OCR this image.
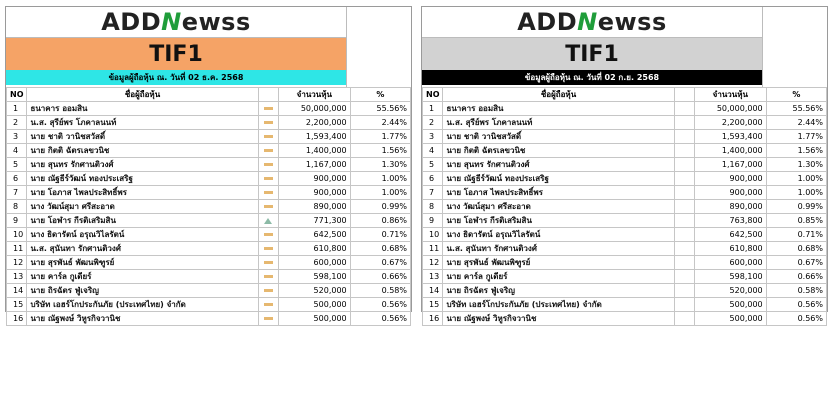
ADDNewss
TIF1
ข้อมูลผู้ถือหุ้น ณ. วันที่ 02 ธ.ค. 2568
NO	ชื่อผู้ถือหุ้น		จำนวนหุ้น	%
1	ธนาคาร ออมสิน		50,000,000	55.56%
2	น.ส. สุรีย์พร โภคาลนนท์		2,200,000	2.44%
3	นาย ชาติ วานิชสวัสดิ์		1,593,400	1.77%
4	นาย กิตติ ฉัตรเลขวนิช		1,400,000	1.56%
5	นาย สุนทร รักศานติวงศ์		1,167,000	1.30%
6	นาย ณัฐธีร์วัฒน์ ทองประเสริฐ		900,000	1.00%
7	นาย โอภาส ไพลประสิทธิ์พร		900,000	1.00%
8	นาง วัฒน์สุมา ศรีสะอาด		890,000	0.99%
9	นาย โอฬาร กีรติเสริมสิน		771,300	0.86%
10	นาง ธิดารัตน์ อรุณวิไลรัตน์		642,500	0.71%
11	น.ส. สุนันทา รักศานติวงศ์		610,800	0.68%
12	นาย สุรพันธ์ พัฒนพิฑูรย์		600,000	0.67%
13	นาย คาร์ล กูเดียร์		598,100	0.66%
14	นาย ถิรฉัตร ฟู่เจริญ		520,000	0.58%
15	บริษัท เอฮร์โกประกันภัย (ประเทศไทย) จำกัด		500,000	0.56%
16	นาย ณัฐพงษ์ วิหูรกิจวานิช		500,000	0.56%
ADDNewss
TIF1
ข้อมูลผู้ถือหุ้น ณ. วันที่ 02 ก.ย. 2568
NO	ชื่อผู้ถือหุ้น		จำนวนหุ้น	%
1	ธนาคาร ออมสิน		50,000,000	55.56%
2	น.ส. สุรีย์พร โภคาลนนท์		2,200,000	2.44%
3	นาย ชาติ วานิชสวัสดิ์		1,593,400	1.77%
4	นาย กิตติ ฉัตรเลขวนิช		1,400,000	1.56%
5	นาย สุนทร รักศานติวงศ์		1,167,000	1.30%
6	นาย ณัฐธีร์วัฒน์ ทองประเสริฐ		900,000	1.00%
7	นาย โอภาส ไพลประสิทธิ์พร		900,000	1.00%
8	นาง วัฒน์สุมา ศรีสะอาด		890,000	0.99%
9	นาย โอฬาร กีรติเสริมสิน		763,800	0.85%
10	นาง ธิดารัตน์ อรุณวิไลรัตน์		642,500	0.71%
11	น.ส. สุนันทา รักศานติวงศ์		610,800	0.68%
12	นาย สุรพันธ์ พัฒนพิฑูรย์		600,000	0.67%
13	นาย คาร์ล กูเดียร์		598,100	0.66%
14	นาย ถิรฉัตร ฟู่เจริญ		520,000	0.58%
15	บริษัท เอฮร์โกประกันภัย (ประเทศไทย) จำกัด		500,000	0.56%
16	นาย ณัฐพงษ์ วิหูรกิจวานิช		500,000	0.56%
